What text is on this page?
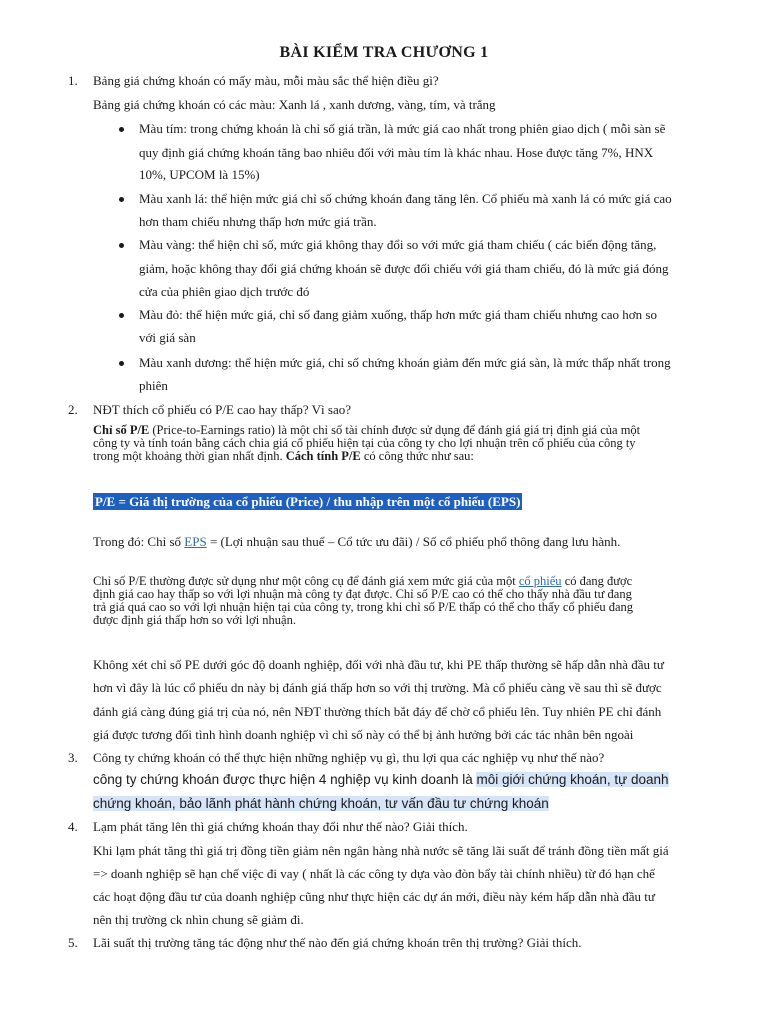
BÀI KIỂM TRA CHƯƠNG 1
1. Bảng giá chứng khoán có mấy màu, mỗi màu sắc thể hiện điều gì?
Bảng giá chứng khoán có các màu: Xanh lá , xanh dương, vàng, tím, và trắng
Màu tím: trong chứng khoán là chỉ số giá trần, là mức giá cao nhất trong phiên giao dịch ( mỗi sàn sẽ
quy định giá chứng khoán tăng bao nhiêu đối với màu tím là khác nhau. Hose được tăng 7%, HNX
10%, UPCOM là 15%)
Màu xanh lá: thể hiện mức giá chỉ số chứng khoán đang tăng lên. Cổ phiếu mà xanh lá có mức giá cao
hơn tham chiếu nhưng thấp hơn mức giá trần.
Màu vàng: thể hiện chỉ số, mức giá không thay đổi so với mức giá tham chiếu ( các biến động tăng,
giảm, hoặc không thay đổi giá chứng khoán sẽ được đối chiếu với giá tham chiếu, đó là mức giá đóng
cửa của phiên giao dịch trước đó
Màu đỏ: thể hiện mức giá, chỉ số đang giảm xuống, thấp hơn mức giá tham chiếu nhưng cao hơn so
với giá sàn
Màu xanh dương: thể hiện mức giá, chỉ số chứng khoán giảm đến mức giá sàn, là mức thấp nhất trong
phiên
2. NĐT thích cổ phiếu có P/E cao hay thấp? Vì sao?
Chỉ số P/E (Price-to-Earnings ratio) là một chỉ số tài chính được sử dụng để đánh giá giá trị định giá của một
công ty và tính toán bằng cách chia giá cổ phiếu hiện tại của công ty cho lợi nhuận trên cổ phiếu của công ty
trong một khoảng thời gian nhất định. Cách tính P/E có công thức như sau:
P/E = Giá thị trường của cổ phiếu (Price) / thu nhập trên một cổ phiếu (EPS)
Trong đó: Chỉ số EPS = (Lợi nhuận sau thuế – Cổ tức ưu đãi) / Số cổ phiếu phổ thông đang lưu hành.
Chỉ số P/E thường được sử dụng như một công cụ để đánh giá xem mức giá của một cổ phiếu có đang được
định giá cao hay thấp so với lợi nhuận mà công ty đạt được. Chỉ số P/E cao có thể cho thấy nhà đầu tư đang
trả giá quá cao so với lợi nhuận hiện tại của công ty, trong khi chỉ số P/E thấp có thể cho thấy cổ phiếu đang
được định giá thấp hơn so với lợi nhuận.
Không xét chỉ số PE dưới góc độ doanh nghiệp, đối với nhà đầu tư, khi PE thấp thường sẽ hấp dẫn nhà đầu tư
hơn vì đây là lúc cổ phiếu dn này bị đánh giá thấp hơn so với thị trường. Mà cổ phiếu càng về sau thì sẽ được
đánh giá càng đúng giá trị của nó, nên NĐT thường thích bắt đáy để chờ cổ phiếu lên. Tuy nhiên PE chỉ đánh
giá được tương đối tình hình doanh nghiệp vì chỉ số này có thể bị ảnh hưởng bởi các tác nhân bên ngoài
3. Công ty chứng khoán có thể thực hiện những nghiệp vụ gì, thu lợi qua các nghiệp vụ như thế nào?
công ty chứng khoán được thực hiện 4 nghiệp vụ kinh doanh là môi giới chứng khoán, tự doanh
chứng khoán, bảo lãnh phát hành chứng khoán, tư vấn đầu tư chứng khoán
4. Lạm phát tăng lên thì giá chứng khoán thay đổi như thế nào? Giải thích.
Khi lạm phát tăng thì giá trị đồng tiền giảm nên ngân hàng nhà nước sẽ tăng lãi suất để tránh đồng tiền mất giá
=> doanh nghiệp sẽ hạn chế việc đi vay ( nhất là các công ty dựa vào đòn bẩy tài chính nhiều) từ đó hạn chế
các hoạt động đầu tư của doanh nghiệp cũng như thực hiện các dự án mới, điều này kém hấp dẫn nhà đầu tư
nên thị trường ck nhìn chung sẽ giảm đi.
5. Lãi suất thị trường tăng tác động như thế nào đến giá chứng khoán trên thị trường? Giải thích.
